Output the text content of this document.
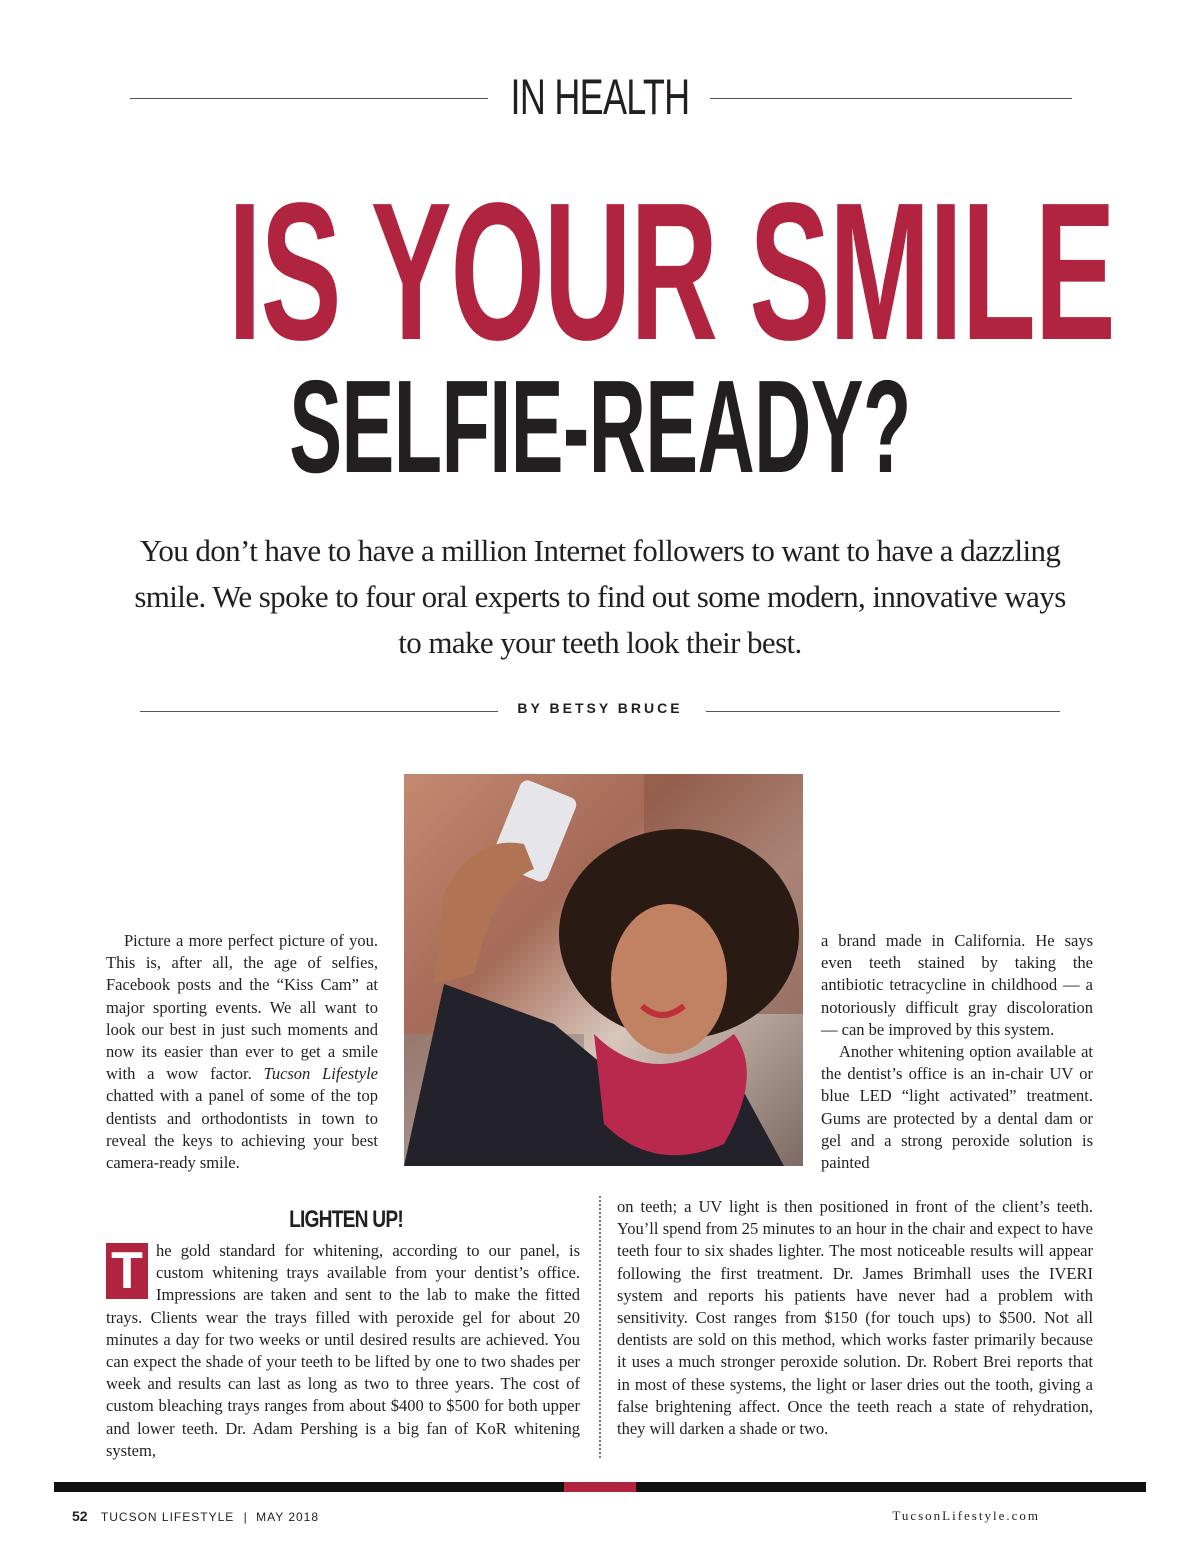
IN HEALTH
IS YOUR SMILE
SELFIE-READY?
You don’t have to have a million Internet followers to want to have a dazzling smile. We spoke to four oral experts to find out some modern, innovative ways to make your teeth look their best.
BY BETSY BRUCE

Picture a more perfect picture of you. This is, after all, the age of selfies, Facebook posts and the “Kiss Cam” at major sporting events. We all want to look our best in just such moments and now its easier than ever to get a smile with a wow factor. Tucson Lifestyle chatted with a panel of some of the top dentists and orthodontists in town to reveal the keys to achieving your best camera-ready smile.

a brand made in California. He says even teeth stained by taking the antibiotic tetracycline in childhood — a notoriously difficult gray discoloration — can be improved by this system.

Another whitening option available at the dentist’s office is an in-chair UV or blue LED “light activated” treatment. Gums are protected by a dental dam or gel and a strong peroxide solution is painted

LIGHTEN UP!
T he gold standard for whitening, according to our panel, is custom whitening trays available from your dentist’s office. Impressions are taken and sent to the lab to make the fitted trays. Clients wear the trays filled with peroxide gel for about 20 minutes a day for two weeks or until desired results are achieved. You can expect the shade of your teeth to be lifted by one to two shades per week and results can last as long as two to three years. The cost of custom bleaching trays ranges from about $400 to $500 for both upper and lower teeth. Dr. Adam Pershing is a big fan of KoR whitening system,

on teeth; a UV light is then positioned in front of the client’s teeth. You’ll spend from 25 minutes to an hour in the chair and expect to have teeth four to six shades lighter. The most noticeable results will appear following the first treatment. Dr. James Brimhall uses the IVERI system and reports his patients have never had a problem with sensitivity. Cost ranges from $150 (for touch ups) to $500. Not all dentists are sold on this method, which works faster primarily because it uses a much stronger peroxide solution. Dr. Robert Brei reports that in most of these systems, the light or laser dries out the tooth, giving a false brightening affect. Once the teeth reach a state of rehydration, they will darken a shade or two.

52 TUCSON LIFESTYLE | MAY 2018	TucsonLifestyle.com
